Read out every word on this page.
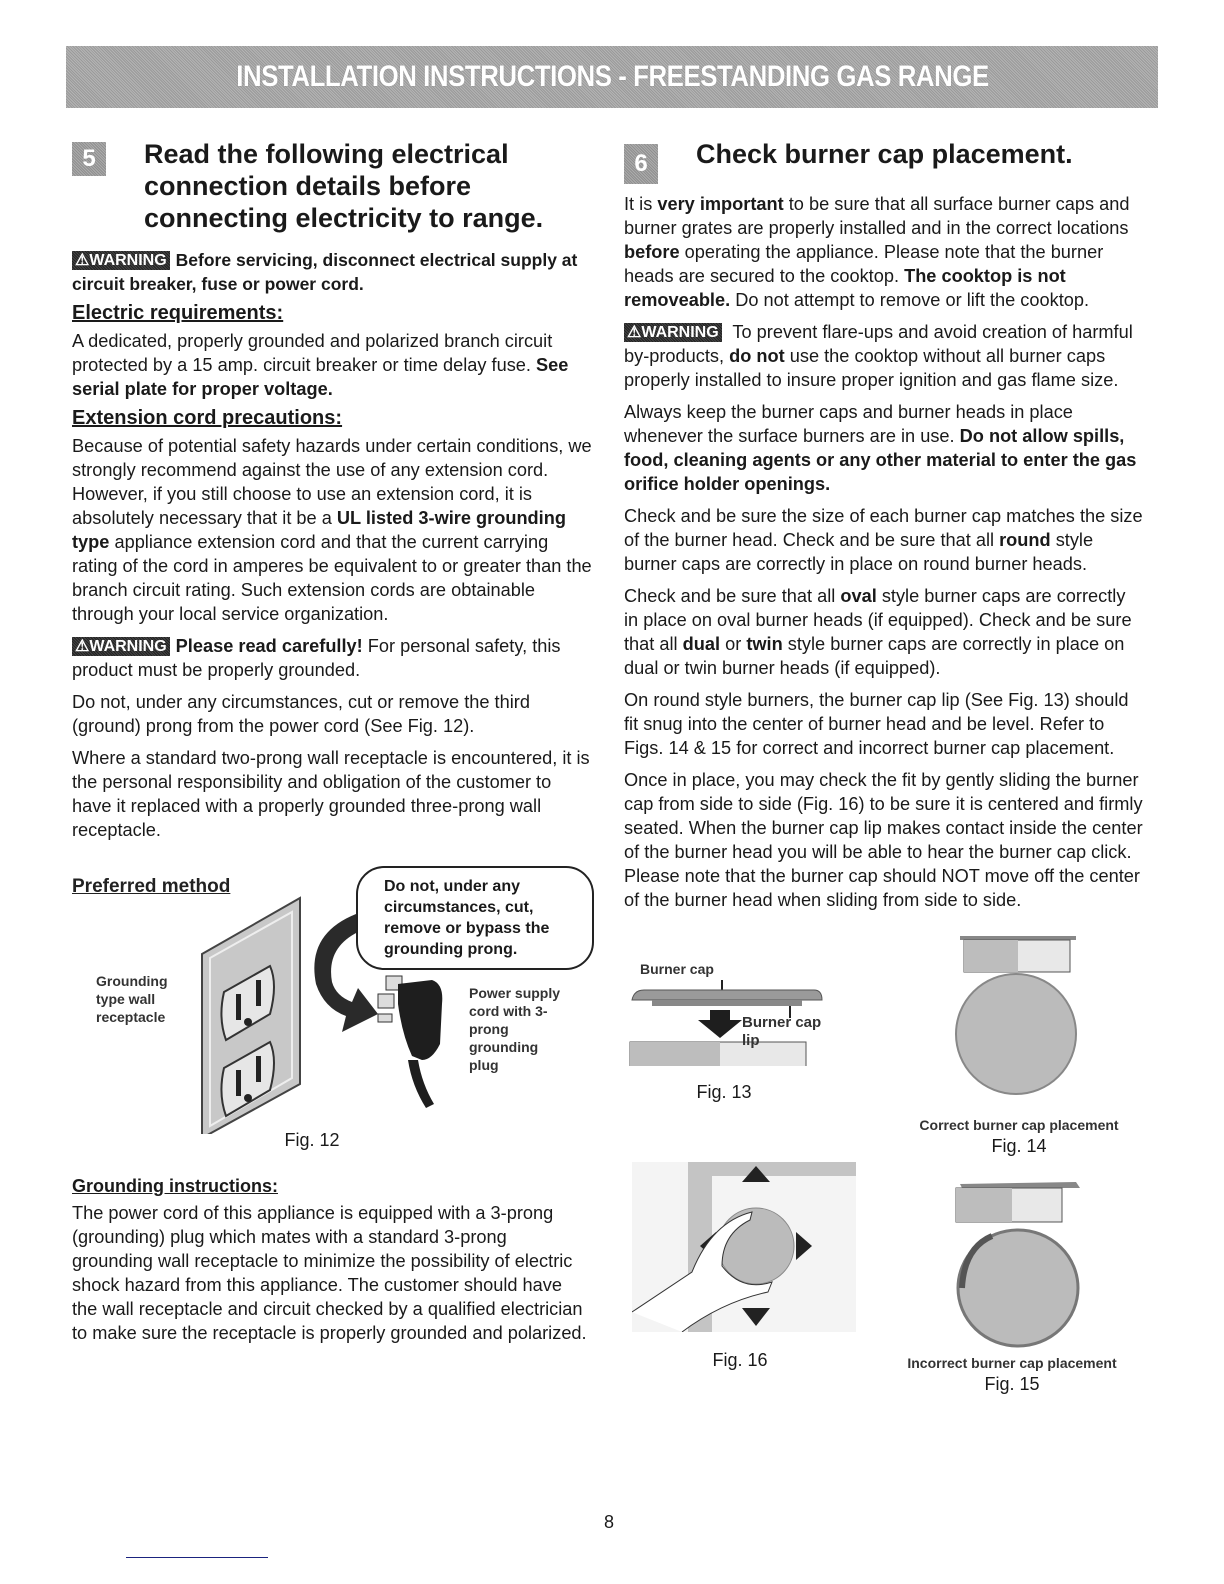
INSTALLATION INSTRUCTIONS - FREESTANDING GAS RANGE
5	Read the following electrical connection details before connecting electricity to range.

⚠WARNING Before servicing, disconnect electrical supply at circuit breaker, fuse or power cord.

Electric requirements:

A dedicated, properly grounded and polarized branch circuit protected by a 15 amp. circuit breaker or time delay fuse. See serial plate for proper voltage.

Extension cord precautions:

Because of potential safety hazards under certain conditions, we strongly recommend against the use of any extension cord. However, if you still choose to use an extension cord, it is absolutely necessary that it be a UL listed 3-wire grounding type appliance extension cord and that the current carrying rating of the cord in amperes be equivalent to or greater than the branch circuit rating. Such extension cords are obtainable through your local service organization.

⚠WARNING Please read carefully! For personal safety, this product must be properly grounded.

Do not, under any circumstances, cut or remove the third (ground) prong from the power cord (See Fig. 12).

Where a standard two-prong wall receptacle is encountered, it is the personal responsibility and obligation of the customer to have it replaced with a properly grounded three-prong wall receptacle.

Preferred method
Grounding type wall receptacle
Do not, under any circumstances, cut, remove or bypass the grounding prong.
Power supply cord with 3-prong grounding plug
Fig. 12
Grounding instructions:

The power cord of this appliance is equipped with a 3-prong (grounding) plug which mates with a standard 3-prong grounding wall receptacle to minimize the possibility of electric shock hazard from this appliance. The customer should have the wall receptacle and circuit checked by a qualified electrician to make sure the receptacle is properly grounded and polarized.

6	Check burner cap placement.

It is very important to be sure that all surface burner caps and burner grates are properly installed and in the correct locations before operating the appliance. Please note that the burner heads are secured to the cooktop. The cooktop is not removeable. Do not attempt to remove or lift the cooktop.

⚠WARNING To prevent flare-ups and avoid creation of harmful by-products, do not use the cooktop without all burner caps properly installed to insure proper ignition and gas flame size.

Always keep the burner caps and burner heads in place whenever the surface burners are in use. Do not allow spills, food, cleaning agents or any other material to enter the gas orifice holder openings.

Check and be sure the size of each burner cap matches the size of the burner head. Check and be sure that all round style burner caps are correctly in place on round burner heads.

Check and be sure that all oval style burner caps are correctly in place on oval burner heads (if equipped). Check and be sure that all dual or twin style burner caps are correctly in place on dual or twin burner heads (if equipped).

On round style burners, the burner cap lip (See Fig. 13) should fit snug into the center of burner head and be level. Refer to Figs. 14 & 15 for correct and incorrect burner cap placement.

Once in place, you may check the fit by gently sliding the burner cap from side to side (Fig. 16) to be sure it is centered and firmly seated. When the burner cap lip makes contact inside the center of the burner head you will be able to hear the burner cap click. Please note that the burner cap should NOT move off the center of the burner head when sliding from side to side.

Burner cap
Burner cap lip
Fig. 13
Correct burner cap placement
Fig. 14
Fig. 16	Incorrect burner cap placement
Fig. 15
8
